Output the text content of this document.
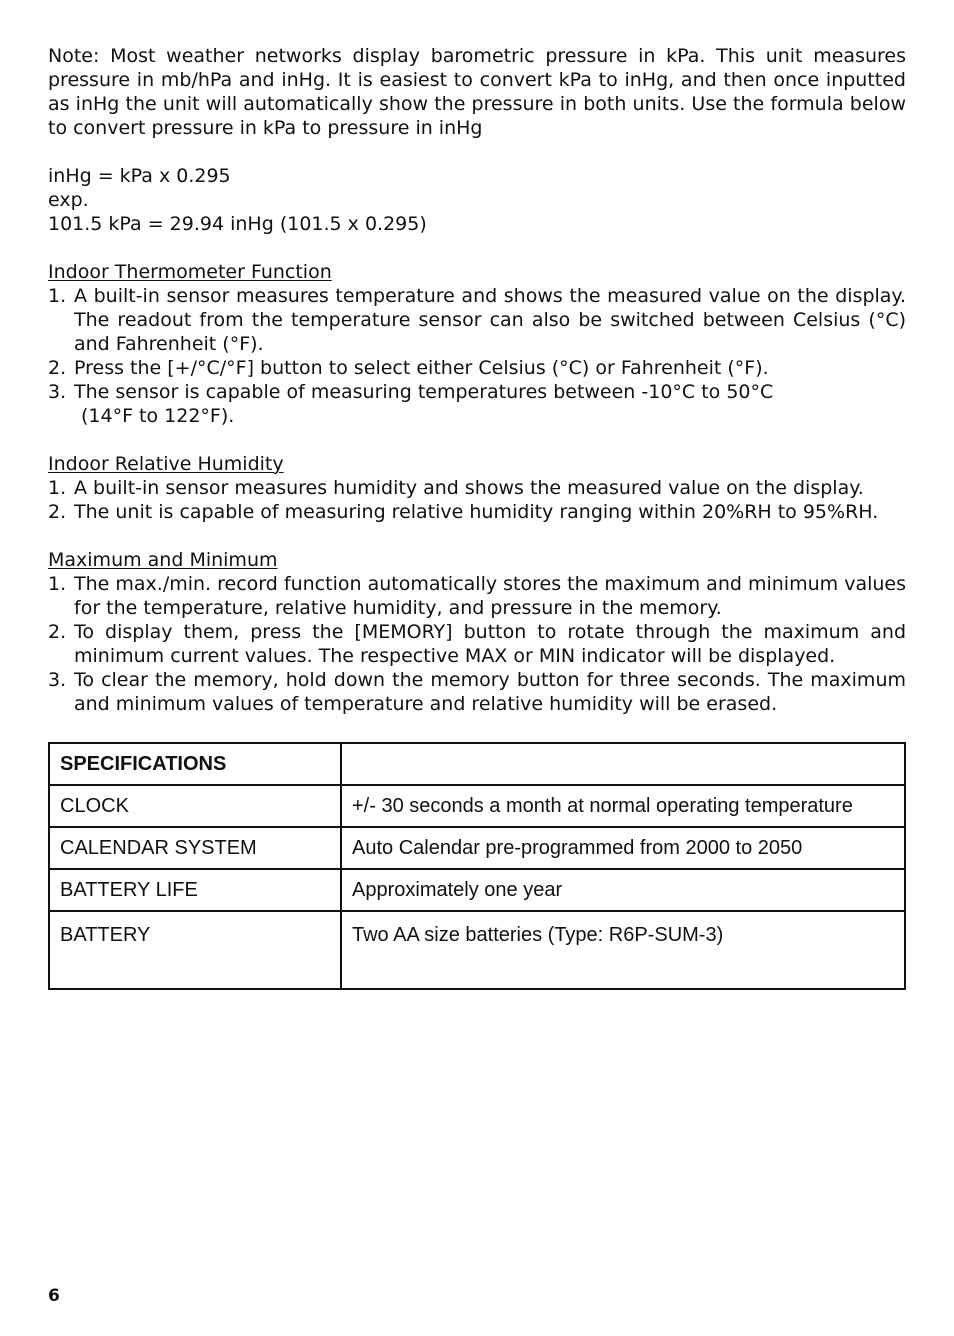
Note: Most weather networks display barometric pressure in kPa. This unit measures pressure in mb/hPa and inHg. It is easiest to convert kPa to inHg, and then once inputted as inHg the unit will automatically show the pressure in both units. Use the formula below to convert pressure in kPa to pressure in inHg

inHg = kPa x 0.295

exp.

101.5 kPa = 29.94 inHg (101.5 x 0.295)

Indoor Thermometer Function

1. A built-in sensor measures temperature and shows the measured value on the display. The readout from the temperature sensor can also be switched between Celsius (°C) and Fahrenheit (°F).
2. Press the [+/°C/°F] button to select either Celsius (°C) or Fahrenheit (°F).
3. The sensor is capable of measuring temperatures between -10°C to 50°C
(14°F to 122°F).

Indoor Relative Humidity

1. A built-in sensor measures humidity and shows the measured value on the display.
2. The unit is capable of measuring relative humidity ranging within 20%RH to 95%RH.

Maximum and Minimum

1. The max./min. record function automatically stores the maximum and minimum values for the temperature, relative humidity, and pressure in the memory.
2. To display them, press the [MEMORY] button to rotate through the maximum and minimum current values. The respective MAX or MIN indicator will be displayed.
3. To clear the memory, hold down the memory button for three seconds. The maximum and minimum values of temperature and relative humidity will be erased.
SPECIFICATIONS	
CLOCK	+/- 30 seconds a month at normal operating temperature
CALENDAR SYSTEM	Auto Calendar pre-programmed from 2000 to 2050
BATTERY LIFE	Approximately one year
BATTERY	Two AA size batteries (Type: R6P-SUM-3)
6
